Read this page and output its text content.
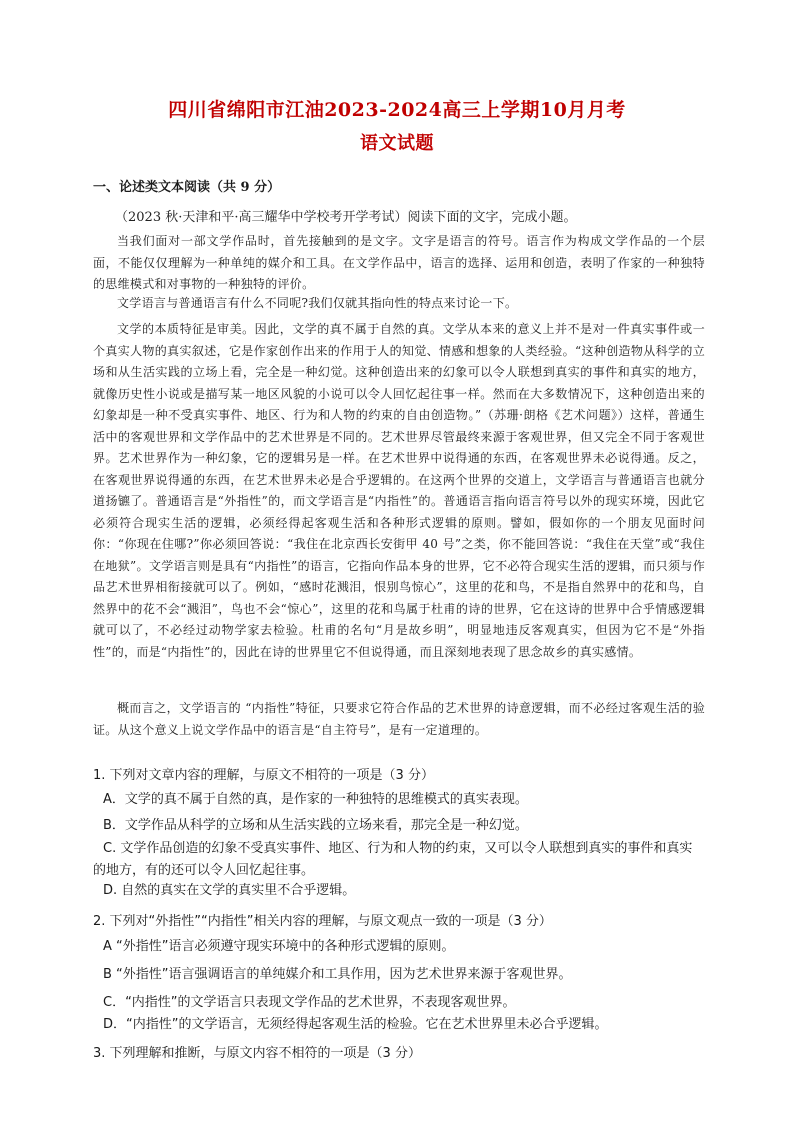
四川省绵阳市江油2023-2024高三上学期10月月考
语文试题
一、论述类文本阅读（共 9 分）
（2023 秋·天津和平·高三耀华中学校考开学考试）阅读下面的文字，完成小题。

当我们面对一部文学作品时，首先接触到的是文字。文字是语言的符号。语言作为构成文学作品的一个层面，不能仅仅理解为一种单纯的媒介和工具。在文学作品中，语言的选择、运用和创造，表明了作家的一种独特的思维模式和对事物的一种独特的评价。

文学语言与普通语言有什么不同呢?我们仅就其指向性的特点来讨论一下。

文学的本质特征是审美。因此，文学的真不属于自然的真。文学从本来的意义上并不是对一件真实事件或一个真实人物的真实叙述，它是作家创作出来的作用于人的知觉、情感和想象的人类经验。“这种创造物从科学的立场和从生活实践的立场上看，完全是一种幻觉。这种创造出来的幻象可以令人联想到真实的事件和真实的地方，就像历史性小说或是描写某一地区风貌的小说可以令人回忆起往事一样。然而在大多数情况下，这种创造出来的幻象却是一种不受真实事件、地区、行为和人物的约束的自由创造物。”（苏珊·朗格《艺术问题》）这样，普通生活中的客观世界和文学作品中的艺术世界是不同的。艺术世界尽管最终来源于客观世界，但又完全不同于客观世界。艺术世界作为一种幻象，它的逻辑另是一样。在艺术世界中说得通的东西，在客观世界未必说得通。反之，在客观世界说得通的东西，在艺术世界未必是合乎逻辑的。在这两个世界的交道上，文学语言与普通语言也就分道扬镳了。普通语言是“外指性”的，而文学语言是“内指性”的。普通语言指向语言符号以外的现实环境，因此它必须符合现实生活的逻辑，必须经得起客观生活和各种形式逻辑的原则。譬如，假如你的一个朋友见面时问你：“你现在住哪?”你必须回答说：“我住在北京西长安街甲 40 号”之类，你不能回答说：“我住在天堂”或“我住在地狱”。文学语言则是具有“内指性”的语言，它指向作品本身的世界，它不必符合现实生活的逻辑，而只须与作品艺术世界相衔接就可以了。例如，“感时花溅泪，恨别鸟惊心”，这里的花和鸟，不是指自然界中的花和鸟，自然界中的花不会“溅泪”，鸟也不会“惊心”，这里的花和鸟属于杜甫的诗的世界，它在这诗的世界中合乎情感逻辑就可以了，不必经过动物学家去检验。杜甫的名句“月是故乡明”，明显地违反客观真实，但因为它不是“外指性”的，而是“内指性”的，因此在诗的世界里它不但说得通，而且深刻地表现了思念故乡的真实感情。

概而言之，文学语言的 “内指性”特征，只要求它符合作品的艺术世界的诗意逻辑，而不必经过客观生活的验证。从这个意义上说文学作品中的语言是“自主符号”，是有一定道理的。

1. 下列对文章内容的理解，与原文不相符的一项是（3 分）

A．文学的真不属于自然的真，是作家的一种独特的思维模式的真实表现。

B．文学作品从科学的立场和从生活实践的立场来看，那完全是一种幻觉。

C. 文学作品创造的幻象不受真实事件、地区、行为和人物的约束，又可以令人联想到真实的事件和真实的地方，有的还可以令人回忆起往事。

D. 自然的真实在文学的真实里不合乎逻辑。

2. 下列对“外指性”“内指性”相关内容的理解，与原文观点一致的一项是（3 分）

A “外指性”语言必须遵守现实环境中的各种形式逻辑的原则。

B “外指性”语言强调语言的单纯媒介和工具作用，因为艺术世界来源于客观世界。

C．“内指性”的文学语言只表现文学作品的艺术世界，不表现客观世界。

D．“内指性”的文学语言，无须经得起客观生活的检验。它在艺术世界里未必合乎逻辑。

3. 下列理解和推断，与原文内容不相符的一项是（3 分）
